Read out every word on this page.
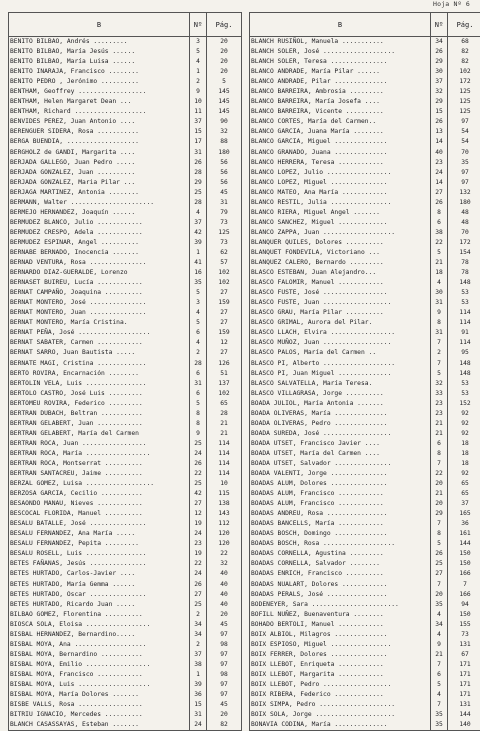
Hoja Nº 6
B	Nº	Pág.
BENITO BILBAO, Andrés .........	3	20
BENITO BILBAO, María Jesús ......	5	20
BENITO BILBAO, María Luisa ......	4	20
BENITO INARAJA, Francisco ........	1	20
BENITO PEDRO , Jerónimo ..........	2	5
BENTHAM, Geoffrey ..................	9	145
BENTHAM, Helen Margaret Dean ...	10	145
BENTHAM, Richard ...................	11	145
BENVIDES PEREZ, Juan Antonio ....	37	90
BERENGUER SIDERA, Rosa ...........	15	32
BERGA BUENDIA, ...................	17	88
BERGHOLZ de GANDI, Margarita ....	31	180
BERJADA GALLEGO, Juan Pedro .....	26	56
BERJADA GONZALEZ, Juan ..........	28	56
BERJADA GONZALEZ, Maria Pilar ...	29	56
BERJAGA MARTINEZ, Antonia ........	25	45
BERMANN, Walter ......................	28	31
BERMEJO HERNANDEZ, Joaquín ......	4	79
BERMUDEZ BLANCO, Julio ............	37	73
BERMUDEZ CRESPO, Adela ............	42	125
BERMUDEZ ESPINAR, Angel ..........	39	73
BERNABE BERNADO, Inocencia .......	1	62
BERNAD VENTURA, Rosa ...............	41	57
BERNARDO DIAZ-GUERALDE, Lorenzo	16	102
BERNASET BUIREU, Lucía ............	35	102
BERNAT CAMPAÑO, Joaquina ..........	5	27
BERNAT MONTERO, José ...............	3	159
BERNAT MONTERO, Juan ...............	4	27
BERNAT MONTERO, María Cristina.	5	27
BERNAT PEÑA, José ...................	6	159
BERNAT SABATER, Carmen ............	4	12
BERNAT SARRO, Juan Bautista .....	2	27
BERNATE MAGI, Cristina .............	28	126
BERTO ROVIRA, Encarnación ........	6	51
BERTOLIN VELA, Luis ................	31	137
BERTOLO CASTRO, José Luis .........	6	102
BERTOMEU ROVIRA, Federico .........	5	65
BERTRAN DUBACH, Beltran ...........	8	28
BERTRAN GELABERT, Juan ............	8	21
BERTRAN GELABERT, María del Carmen	9	21
BERTRAN ROCA, Juan .................	25	114
BERTRAN ROCA, María .................	24	114
BERTRAN ROCA, Montserrat ..........	26	114
BERTRAN SANTACREU, Jaime ..........	22	114
BERZAL GOMEZ, Luisa ..................	25	10
BERZOSA GARCIA, Cecilio ...........	42	115
BESAONDO MANAU, Nieves ............	27	138
BESCOCAL FLORIDA, Manuel ..........	12	143
BESALU BATALLE, José ...............	19	112
BESALU FERNANDEZ, Ana María .....	24	120
BESALU FERNANDEZ, Pepita .........	23	120
BESALU ROSELL, Luis ................	19	22
BETES FAÑANAS, Jesús ...............	22	32
BETES HURTADO, Carlos-Javier ....	24	40
BETES HURTADO, María Gemma ......	26	40
BETES HURTADO, Oscar ...............	27	40
BETES HURTADO, Ricardo Juan .....	25	40
BILBAO GOMEZ, Florentina ..........	2	20
BIOSCA SOLA, Eloisa .................	34	45
BISBAL HERNANDEZ, Bernardino.....	34	97
BISBAL MOYA, Ana ...................	2	98
BISBAL MOYA, Bernardino ...........	37	97
BISBAL MOYA, Emilio .................	38	97
BISBAL MOYA, Francisco ............	1	98
BISBAL MOYA, Luis ...................	39	97
BISBAL MOYA, María Dolores .......	36	97
BISBE VALLS, Rosa .................	15	45
BITRIU IGNACIO, Mercedes ..........	31	20
BLANCH CASASSAYAS, Esteban .......	24	82
B	Nº	Pág.
BLANCH RUSIÑOL, Manuela ...........	34	68
BLANCH SOLER, José ...................	26	82
BLANCH SOLER, Teresa ...............	29	82
BLANCO ANDRADE, María Pilar ......	30	102
BLANCO ANDRADE, Pilar ..............	37	172
BLANCO BARREIRA, Ambrosia .........	32	125
BLANCO BARREIRA, María Josefa ....	29	125
BLANCO BARREIRA, Vicente ..........	15	125
BLANCO CORTES, María del Carmen..	26	97
BLANCO GARCIA, Juana María ........	13	54
BLANCO GARCIA, Miguel ..............	14	54
BLANCO GRANADO, Juana ..............	40	70
BLANCO HERRERA, Teresa ............	23	35
BLANCO LOPEZ, Julio .................	24	97
BLANCO LOPEZ, Miguel ...............	14	97
BLANCO MATEO, Ana María ............	27	132
BLANCO RESTIL, Julia ................	26	180
BLANCO RIERA, Miguel Angel .......	8	48
BLANCO SANCHEZ, Miguel .............	6	48
BLANCO ZAPPA, Juan ...................	38	70
BLANQUER QUILES, Dolores ..........	22	172
BLANQUET FONDEVILA, Victoriano ...	5	154
BLANQUEZ CALERO, Bernardo .........	21	78
BLASCO ESTEBAN, Juan Alejandro...	18	78
BLASCO FALOMIR, Manuel ............	4	148
BLASCO FUSTE, José .................	30	53
BLASCO FUSTE, Juan ..................	31	53
BLASCO GRAU, María Pilar ..........	9	114
BLASCO GRIMAL, Aurora del Pilar.	8	114
BLASCO LLACH, Elvira .................	31	91
BLASCO MUÑOZ, Juan ..................	7	114
BLASCO PALOS, María del Carmen ..	2	95
BLASCO PI, Alberto ...................	7	148
BLASCO PI, Juan Miguel ..............	5	148
BLASCO SALVATELLA, María Teresa.	32	53
BLASCO VILLAGRASA, Jorge ..........	33	53
BOADA JULIOL, María Antonia .......	23	152
BOADA OLIVERAS, María ..............	23	92
BOADA OLIVERAS, Pedro ..............	21	92
BOADA SUREDA, José ..................	21	92
BOADA UTSET, Francisco Javier ....	6	18
BOADA UTSET, María del Carmen ....	8	18
BOADA UTSET, Salvador ...............	7	18
BOADA VALENTI, Jorge ...............	22	92
BOADAS ALUM, Dolores ...............	20	65
BOADAS ALUM, Francisco ............	21	65
BOADAS ALUM, Francisco ............	20	37
BOADAS ANDREU, Rosa ................	29	165
BOADAS BANCELLS, María ............	7	36
BOADAS BOSCH, Domingo ..............	8	161
BOADAS BOSCH, Rosa ...................	5	144
BOADAS CORNELLA, Agustina .........	26	150
BOADAS CORNELLA, Salvador ........	25	150
BOADAS ENRICH, Francisco ..........	27	166
BOADAS NUALART, Dolores ............	7	7
BOADAS PERALS, José ................	20	166
BODENEYER, Sara .......................	35	94
BOFILL NUÑEZ, Buenaventura ........	4	150
BOHADO BERTOLI, Manuel ............	34	155
BOIX ALBIOL, Milagros ..............	4	73
BOIX ESPIOSO, Miguel ................	9	131
BOIX FERRER, Dolores ...............	21	67
BOIX LLEBOT, Enriqueta ............	7	171
BOIX LLEBOT, Margarita ............	6	171
BOIX LLEBOT, Pedro ..................	5	171
BOIX RIBERA, Federico .............	4	171
BOIX SIMPA, Pedro ....................	7	131
BOIX SOLA, Jorge .....................	35	144
BONAVIA CODINA, María ..............	35	140
